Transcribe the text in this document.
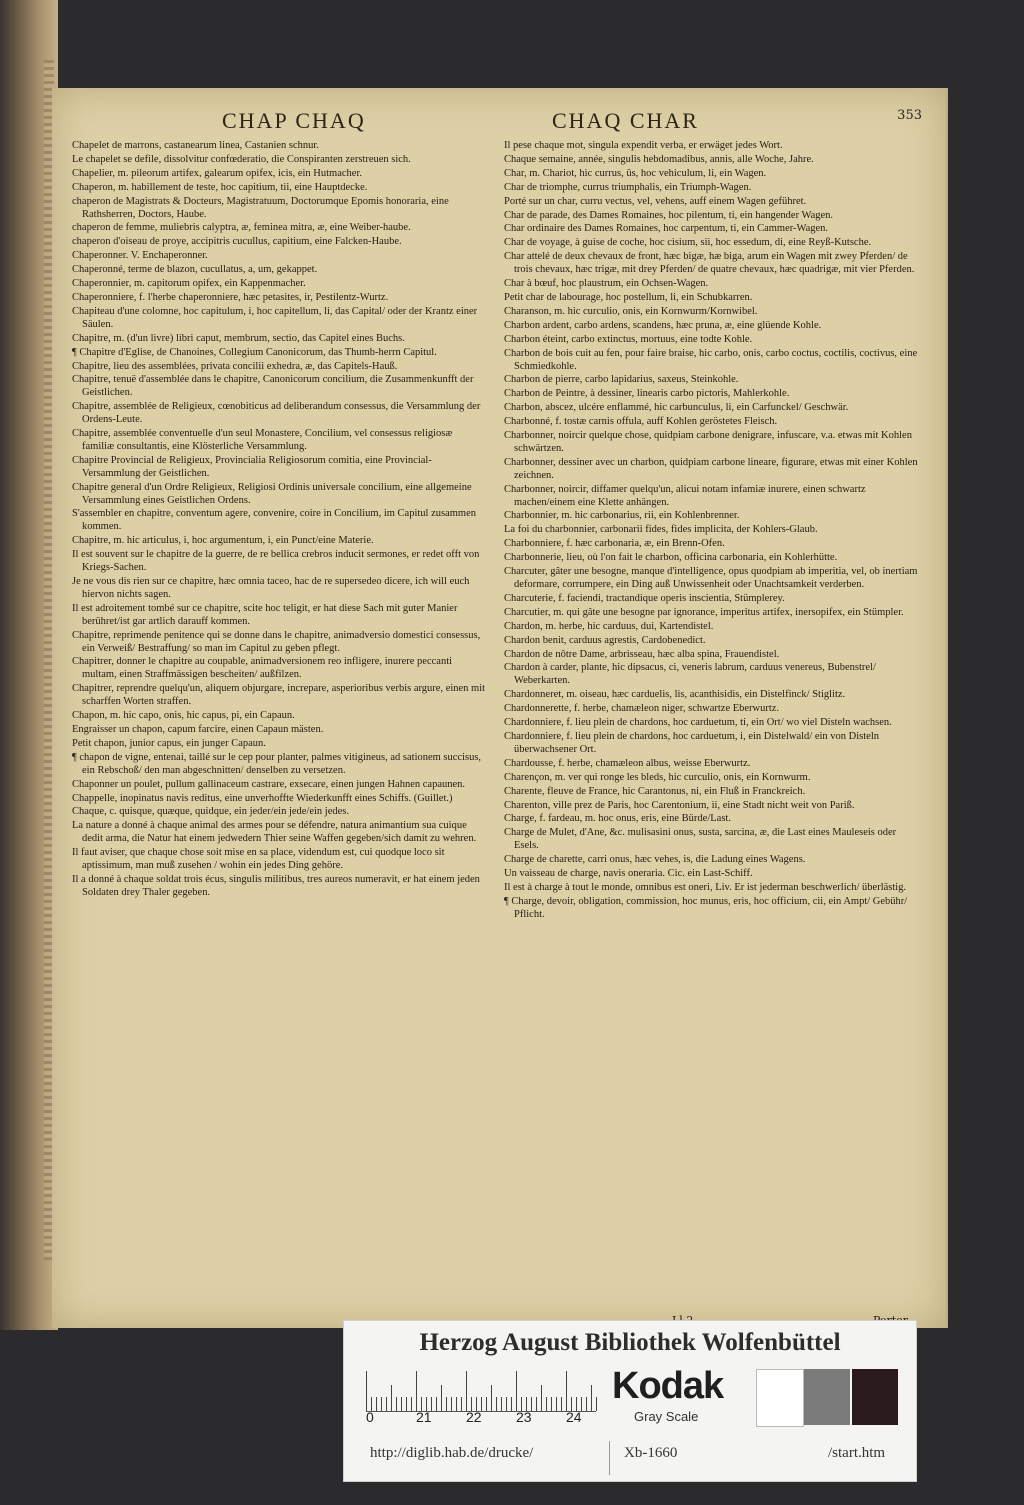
CHAP CHAQ	CHAQ CHAR	353
Chapelet de marrons, castanearum linea, Castanien schnur.
Le chapelet se defile, dissolvitur confœderatio, die Conspiranten zerstreuen sich.
Chapelier, m. pileorum artifex, galearum opifex, icis, ein Hutmacher.
Chaperon, m. habillement de teste, hoc capitium, tii, eine Hauptdecke.
chaperon de Magistrats & Docteurs, Magistratuum, Doctorumque Epomis honoraria, eine Rathsherren, Doctors, Haube.
chaperon de femme, muliebris calyptra, æ, feminea mitra, æ, eine Weiber-haube.
chaperon d'oiseau de proye, accipitris cucullus, capitium, eine Falcken-Haube.
Chaperonner. V. Enchaperonner.
Chaperonné, terme de blazon, cucullatus, a, um, gekappet.
Chaperonnier, m. capitorum opifex, ein Kappenmacher.
Chaperonniere, f. l'herbe chaperonniere, hæc petasites, ir, Pestilentz-Wurtz.
Chapiteau d'une colomne, hoc capitulum, i, hoc capitellum, li, das Capital/ oder der Krantz einer Säulen.
Chapitre, m. (d'un livre) libri caput, membrum, sectio, das Capitel eines Buchs.
¶ Chapitre d'Eglise, de Chanoines, Collegium Canonicorum, das Thumb-herrn Capitul.
Chapitre, lieu des assemblées, privata concilii exhedra, æ, das Capitels-Hauß.
Chapitre, tenuë d'assemblée dans le chapitre, Canonicorum concilium, die Zusammenkunfft der Geistlichen.
Chapitre, assemblée de Religieux, cœnobiticus ad deliberandum consessus, die Versammlung der Ordens-Leute.
Chapitre, assemblée conventuelle d'un seul Monastere, Concilium, vel consessus religiosæ familiæ consultantis, eine Klösterliche Versammlung.
Chapitre Provincial de Religieux, Provincialia Religiosorum comitia, eine Provincial-Versammlung der Geistlichen.
Chapitre general d'un Ordre Religieux, Religiosi Ordinis universale concilium, eine allgemeine Versammlung eines Geistlichen Ordens.
S'assembler en chapitre, conventum agere, convenire, coire in Concilium, im Capitul zusammen kommen.
Chapitre, m. hic articulus, i, hoc argumentum, i, ein Punct/eine Materie.
Il est souvent sur le chapitre de la guerre, de re bellica crebros inducit sermones, er redet offt von Kriegs-Sachen.
Je ne vous dis rien sur ce chapitre, hæc omnia taceo, hac de re supersedeo dicere, ich will euch hiervon nichts sagen.
Il est adroitement tombé sur ce chapitre, scite hoc teligit, er hat diese Sach mit guter Manier berühret/ist gar artlich darauff kommen.
Chapitre, reprimende penitence qui se donne dans le chapitre, animadversio domestici consessus, ein Verweiß/ Bestraffung/ so man im Capitul zu geben pflegt.
Chapitrer, donner le chapitre au coupable, animadversionem reo infligere, inurere peccanti multam, einen Straffmässigen bescheiten/ außfilzen.
Chapitrer, reprendre quelqu'un, aliquem objurgare, increpare, asperioribus verbis argure, einen mit scharffen Worten straffen.
Chapon, m. hic capo, onis, hic capus, pi, ein Capaun.
Engraisser un chapon, capum farcire, einen Capaun mästen.
Petit chapon, junior capus, ein junger Capaun.
¶ chapon de vigne, entenai, taillé sur le cep pour planter, palmes vitigineus, ad sationem succisus, ein Rebschoß/ den man abgeschnitten/ denselben zu versetzen.
Chaponner un poulet, pullum gallinaceum castrare, exsecare, einen jungen Hahnen capaunen.
Chappelle, inopinatus navis reditus, eine unverhoffte Wiederkunfft eines Schiffs. (Guillet.)
Chaque, c. quisque, quæque, quidque, ein jeder/ein jede/ein jedes.
La nature a donné à chaque animal des armes pour se défendre, natura animantium sua cuique dedit arma, die Natur hat einem jedwedern Thier seine Waffen gegeben/sich damit zu wehren.
Il faut aviser, que chaque chose soit mise en sa place, videndum est, cui quodque loco sit aptissimum, man muß zusehen / wohin ein jedes Ding gehöre.
Il a donné à chaque soldat trois écus, singulis militibus, tres aureos numeravit, er hat einem jeden Soldaten drey Thaler gegeben.
Il pese chaque mot, singula expendit verba, er erwäget jedes Wort.
Chaque semaine, année, singulis hebdomadibus, annis, alle Woche, Jahre.
Char, m. Chariot, hic currus, ûs, hoc vehiculum, li, ein Wagen.
Char de triomphe, currus triumphalis, ein Triumph-Wagen.
Porté sur un char, curru vectus, vel, vehens, auff einem Wagen geführet.
Char de parade, des Dames Romaines, hoc pilentum, ti, ein hangender Wagen.
Char ordinaire des Dames Romaines, hoc carpentum, ti, ein Cammer-Wagen.
Char de voyage, à guise de coche, hoc cisium, sii, hoc essedum, di, eine Reyß-Kutsche.
Char attelé de deux chevaux de front, hæc bigæ, hæ biga, arum ein Wagen mit zwey Pferden/ de trois chevaux, hæc trigæ, mit drey Pferden/ de quatre chevaux, hæc quadrigæ, mit vier Pferden.
Char à bœuf, hoc plaustrum, ein Ochsen-Wagen.
Petit char de labourage, hoc postellum, li, ein Schubkarren.
Charanson, m. hic curculio, onis, ein Kornwurm/Kornwibel.
Charbon ardent, carbo ardens, scandens, hæc pruna, æ, eine glüende Kohle.
Charbon éteint, carbo extinctus, mortuus, eine todte Kohle.
Charbon de bois cuit au fen, pour faire braise, hic carbo, onis, carbo coctus, coctilis, coctivus, eine Schmiedkohle.
Charbon de pierre, carbo lapidarius, saxeus, Steinkohle.
Charbon de Peintre, à dessiner, linearis carbo pictoris, Mahlerkohle.
Charbon, abscez, ulcére enflammé, hic carbunculus, li, ein Carfunckel/ Geschwär.
Charbonné, f. tostæ carnis offula, auff Kohlen geröstetes Fleisch.
Charbonner, noircir quelque chose, quidpiam carbone denigrare, infuscare, v.a. etwas mit Kohlen schwärtzen.
Charbonner, dessiner avec un charbon, quidpiam carbone lineare, figurare, etwas mit einer Kohlen zeichnen.
Charbonner, noircir, diffamer quelqu'un, alicui notam infamiæ inurere, einen schwartz machen/einem eine Klette anhängen.
Charbonnier, m. hic carbonarius, rii, ein Kohlenbrenner.
La foi du charbonnier, carbonarii fides, fides implicita, der Kohlers-Glaub.
Charbonniere, f. hæc carbonaria, æ, ein Brenn-Ofen.
Charbonnerie, lieu, où l'on fait le charbon, officina carbonaria, ein Kohlerhütte.
Charcuter, gâter une besogne, manque d'intelligence, opus quodpiam ab imperitia, vel, ob inertiam deformare, corrumpere, ein Ding auß Unwissenheit oder Unachtsamkeit verderben.
Charcuterie, f. faciendi, tractandique operis inscientia, Stümplerey.
Charcutier, m. qui gâte une besogne par ignorance, imperitus artifex, inersopifex, ein Stümpler.
Chardon, m. herbe, hic carduus, dui, Kartendistel.
Chardon benit, carduus agrestis, Cardobenedict.
Chardon de nôtre Dame, arbrisseau, hæc alba spina, Frauendistel.
Chardon à carder, plante, hic dipsacus, ci, veneris labrum, carduus venereus, Bubenstrel/ Weberkarten.
Chardonneret, m. oiseau, hæc carduelis, lis, acanthisidis, ein Distelfinck/ Stiglitz.
Chardonnerette, f. herbe, chamæleon niger, schwartze Eberwurtz.
Chardonniere, f. lieu plein de chardons, hoc carduetum, ti, ein Ort/ wo viel Disteln wachsen.
Chardonniere, f. lieu plein de chardons, hoc carduetum, i, ein Distelwald/ ein von Disteln überwachsener Ort.
Chardousse, f. herbe, chamæleon albus, weisse Eberwurtz.
Charençon, m. ver qui ronge les bleds, hic curculio, onis, ein Kornwurm.
Charente, fleuve de France, hic Carantonus, ni, ein Fluß in Franckreich.
Charenton, ville prez de Paris, hoc Carentonium, ii, eine Stadt nicht weit von Pariß.
Charge, f. fardeau, m. hoc onus, eris, eine Bürde/Last.
Charge de Mulet, d'Ane, &c. mulisasini onus, susta, sarcina, æ, die Last eines Mauleseis oder Esels.
Charge de charette, carri onus, hæc vehes, is, die Ladung eines Wagens.
Un vaisseau de charge, navis oneraria. Cic. ein Last-Schiff.
Il est à charge à tout le monde, omnibus est oneri, Liv. Er ist jederman beschwerlich/ überlästig.
¶ Charge, devoir, obligation, commission, hoc munus, eris, hoc officium, cii, ein Ampt/ Gebühr/ Pflicht.
Herzog August Bibliothek Wolfenbüttel
0	21 22 23 24
Kodak
Gray Scale
http://diglib.hab.de/drucke/	Xb-1660	/start.htm
